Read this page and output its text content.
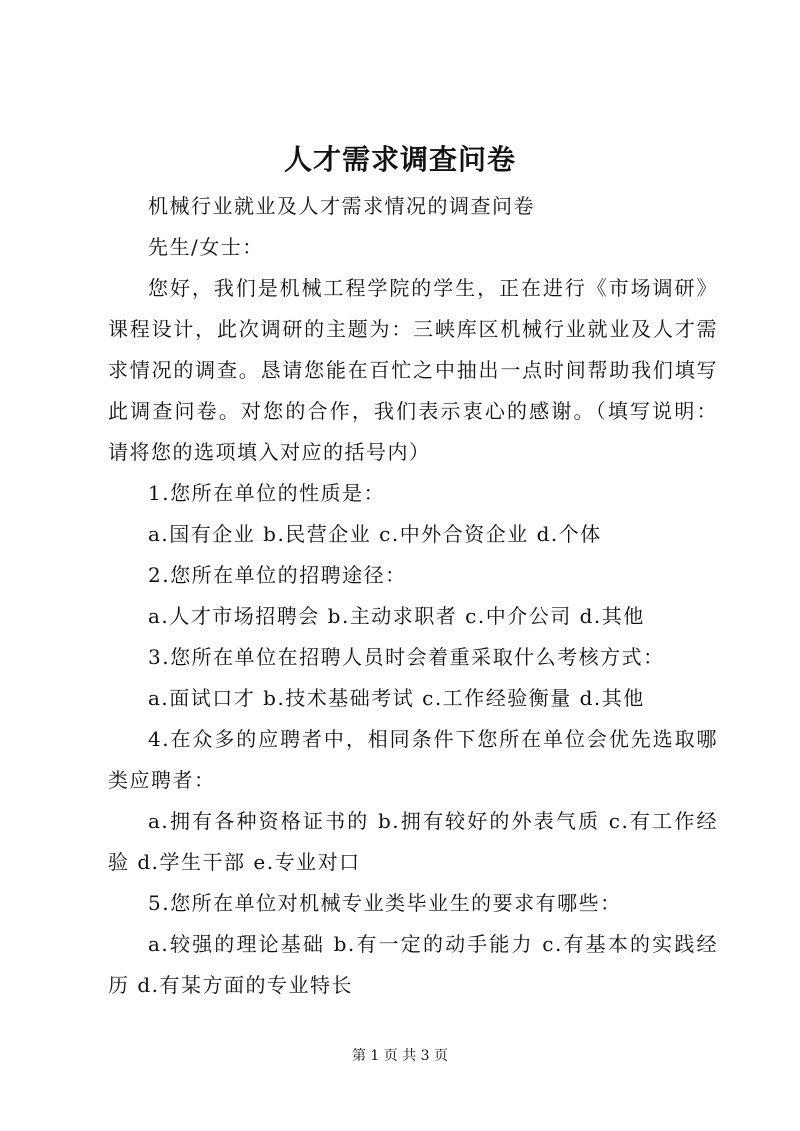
人才需求调查问卷

机械行业就业及人才需求情况的调查问卷

先生/女士：

您好，我们是机械工程学院的学生，正在进行《市场调研》课程设计，此次调研的主题为：三峡库区机械行业就业及人才需求情况的调查。恳请您能在百忙之中抽出一点时间帮助我们填写此调查问卷。对您的合作，我们表示衷心的感谢。（填写说明：请将您的选项填入对应的括号内）

1.您所在单位的性质是：

a.国有企业 b.民营企业 c.中外合资企业 d.个体

2.您所在单位的招聘途径：

a.人才市场招聘会 b.主动求职者 c.中介公司 d.其他

3.您所在单位在招聘人员时会着重采取什么考核方式：

a.面试口才 b.技术基础考试 c.工作经验衡量 d.其他

4.在众多的应聘者中，相同条件下您所在单位会优先选取哪类应聘者：

a.拥有各种资格证书的 b.拥有较好的外表气质 c.有工作经验 d.学生干部 e.专业对口

5.您所在单位对机械专业类毕业生的要求有哪些：

a.较强的理论基础 b.有一定的动手能力 c.有基本的实践经历 d.有某方面的专业特长

第 1 页 共 3 页
